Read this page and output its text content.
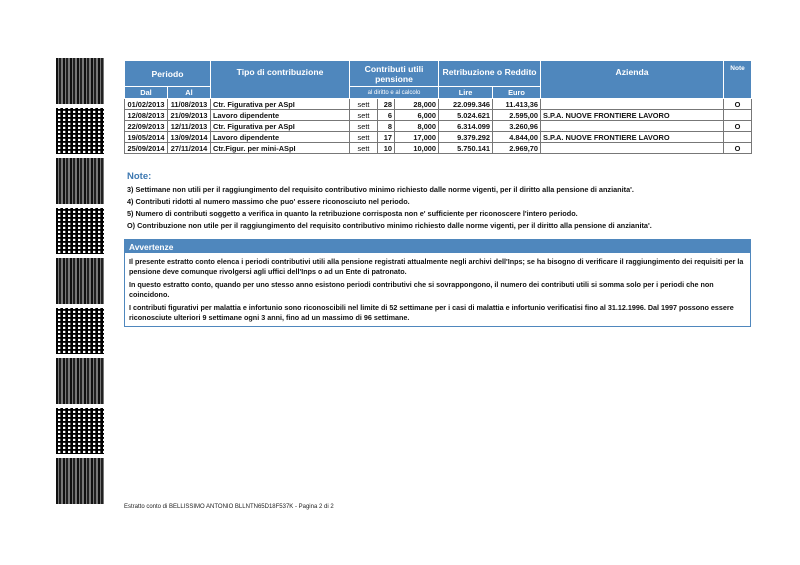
Periodo		Tipo di contribuzione	Contributi utili pensione			Retribuzione o Reddito		Azienda	Note
Dal	Al		al diritto e al calcolo			Lire	Euro		
01/02/2013	11/08/2013	Ctr. Figurativa per ASpI	sett	28	28,000	22.099.346	11.413,36		O
12/08/2013	21/09/2013	Lavoro dipendente	sett	6	6,000	5.024.621	2.595,00	S.P.A. NUOVE FRONTIERE LAVORO	
22/09/2013	12/11/2013	Ctr. Figurativa per ASpI	sett	8	8,000	6.314.099	3.260,96		O
19/05/2014	13/09/2014	Lavoro dipendente	sett	17	17,000	9.379.292	4.844,00	S.P.A. NUOVE FRONTIERE LAVORO	
25/09/2014	27/11/2014	Ctr.Figur. per mini-ASpI	sett	10	10,000	5.750.141	2.969,70		O
Note:
3) Settimane non utili per il raggiungimento del requisito contributivo minimo richiesto dalle norme vigenti, per il diritto alla pensione di anzianita'.
4) Contributi ridotti al numero massimo che puo' essere riconosciuto nel periodo.
5) Numero di contributi soggetto a verifica in quanto la retribuzione corrisposta non e' sufficiente per riconoscere l'intero periodo.
O) Contribuzione non utile per il raggiungimento del requisito contributivo minimo richiesto dalle norme vigenti, per il diritto alla pensione di anzianita'.
Avvertenze

Il presente estratto conto elenca i periodi contributivi utili alla pensione registrati attualmente negli archivi dell'Inps; se ha bisogno di verificare il raggiungimento dei requisiti per la pensione deve comunque rivolgersi agli uffici dell'Inps o ad un Ente di patronato.

In questo estratto conto, quando per uno stesso anno esistono periodi contributivi che si sovrappongono, il numero dei contributi utili si somma solo per i periodi che non coincidono.

I contributi figurativi per malattia e infortunio sono riconoscibili nel limite di 52 settimane per i casi di malattia e infortunio verificatisi fino al 31.12.1996. Dal 1997 possono essere riconosciute ulteriori 9 settimane ogni 3 anni, fino ad un massimo di 96 settimane.

Estratto conto di BELLISSIMO ANTONIO BLLNTN65D18F537K - Pagina 2 di 2
